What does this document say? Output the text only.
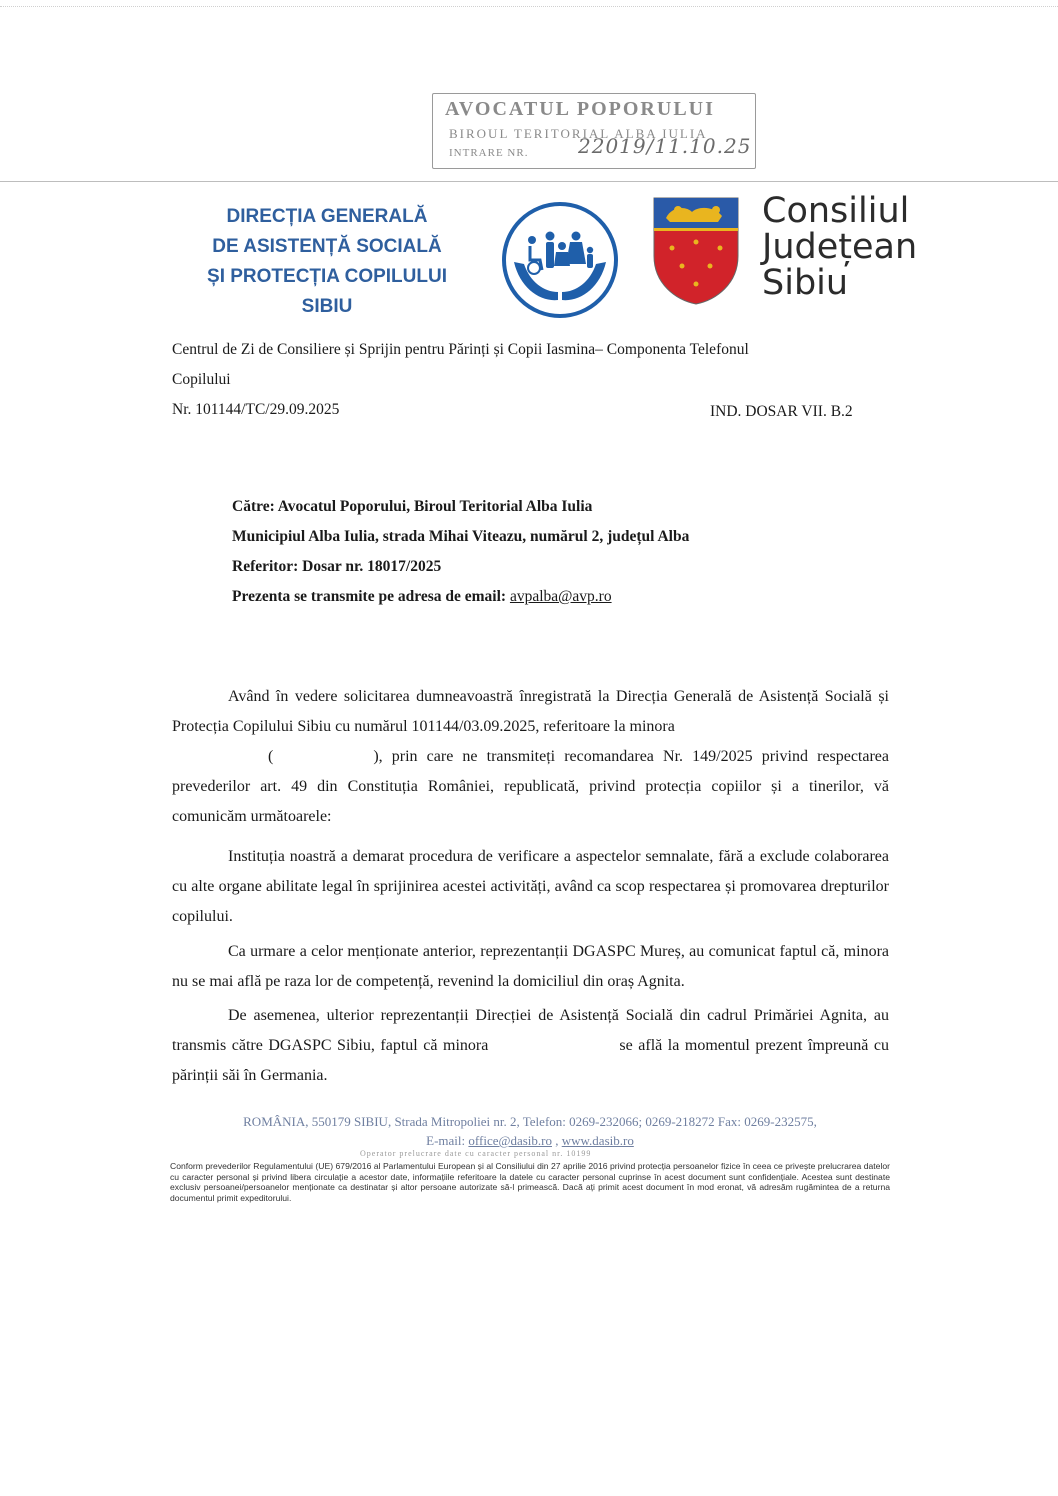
AVOCATUL POPORULUI
BIROUL TERITORIAL ALBA IULIA
INTRARE NR. 22019/11.10.25
DIRECȚIA GENERALĂ
DE ASISTENȚĂ SOCIALĂ
ȘI PROTECȚIA COPILULUI
SIBIU
Consiliul
Județean
Sibiu
Centrul de Zi de Consiliere și Sprijin pentru Părinți și Copii Iasmina– Componenta Telefonul
Copilului
Nr. 101144/TC/29.09.2025	IND. DOSAR VII. B.2
Către: Avocatul Poporului, Biroul Teritorial Alba Iulia
Municipiul Alba Iulia, strada Mihai Viteazu, numărul 2, județul Alba
Referitor: Dosar nr. 18017/2025
Prezenta se transmite pe adresa de email: avpalba@avp.ro
Având în vedere solicitarea dumneavoastră înregistrată la Direcția Generală de Asistență Socială și Protecția Copilului Sibiu cu numărul 101144/03.09.2025, referitoare la minora
(	), prin care ne transmiteți recomandarea Nr. 149/2025 privind respectarea prevederilor art. 49 din Constituția României, republicată, privind protecția copiilor și a tinerilor, vă comunicăm următoarele:
Instituția noastră a demarat procedura de verificare a aspectelor semnalate, fără a exclude colaborarea cu alte organe abilitate legal în sprijinirea acestei activități, având ca scop respectarea și promovarea drepturilor copilului.
Ca urmare a celor menționate anterior, reprezentanții DGASPC Mureș, au comunicat faptul că, minora nu se mai află pe raza lor de competență, revenind la domiciliul din oraș Agnita.
De asemenea, ulterior reprezentanții Direcției de Asistență Socială din cadrul Primăriei Agnita, au transmis către DGASPC Sibiu, faptul că minora	se află la momentul prezent împreună cu părinții săi în Germania.
ROMÂNIA, 550179 SIBIU, Strada Mitropoliei nr. 2, Telefon: 0269-232066; 0269-218272 Fax: 0269-232575,
E-mail: office@dasib.ro , www.dasib.ro
Operator prelucrare date cu caracter personal nr. 10199
Conform prevederilor Regulamentului (UE) 679/2016 al Parlamentului European și al Consiliului din 27 aprilie 2016 privind protecția persoanelor fizice în ceea ce privește prelucrarea datelor cu caracter personal și privind libera circulație a acestor date, informațiile referitoare la datele cu caracter personal cuprinse în acest document sunt confidențiale. Acestea sunt destinate exclusiv persoanei/persoanelor menționate ca destinatar și altor persoane autorizate să-l primească. Dacă ați primit acest document în mod eronat, vă adresăm rugămintea de a returna documentul primit expeditorului.
